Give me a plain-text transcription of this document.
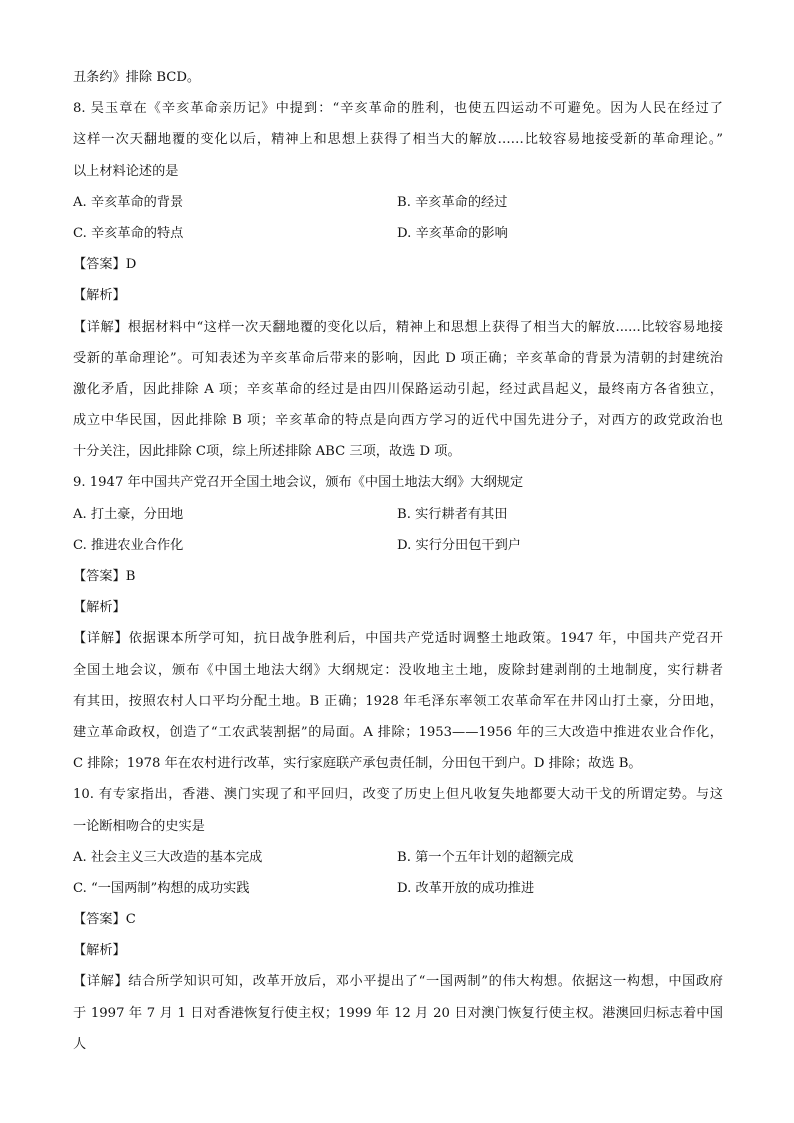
丑条约》排除 BCD。
8. 吴玉章在《辛亥革命亲历记》中提到：“辛亥革命的胜利，也使五四运动不可避免。因为人民在经过了
这样一次天翻地覆的变化以后，精神上和思想上获得了相当大的解放……比较容易地接受新的革命理论。”
以上材料论述的是
A. 辛亥革命的背景	B. 辛亥革命的经过
C. 辛亥革命的特点	D. 辛亥革命的影响
【答案】D
【解析】
【详解】根据材料中“这样一次天翻地覆的变化以后，精神上和思想上获得了相当大的解放......比较容易地接
受新的革命理论”。可知表述为辛亥革命后带来的影响，因此 D 项正确；辛亥革命的背景为清朝的封建统治
激化矛盾，因此排除 A 项；辛亥革命的经过是由四川保路运动引起，经过武昌起义，最终南方各省独立，
成立中华民国，因此排除 B 项；辛亥革命的特点是向西方学习的近代中国先进分子，对西方的政党政治也
十分关注，因此排除 C项，综上所述排除 ABC 三项，故选 D 项。
9. 1947 年中国共产党召开全国土地会议，颁布《中国土地法大纲》大纲规定
A. 打土豪，分田地	B. 实行耕者有其田
C. 推进农业合作化	D. 实行分田包干到户
【答案】B
【解析】
【详解】依据课本所学可知，抗日战争胜利后，中国共产党适时调整土地政策。1947 年，中国共产党召开
全国土地会议，颁布《中国土地法大纲》大纲规定：没收地主土地，废除封建剥削的土地制度，实行耕者
有其田，按照农村人口平均分配土地。B 正确；1928 年毛泽东率领工农革命军在井冈山打土豪，分田地，
建立革命政权，创造了“工农武装割据”的局面。A 排除；1953——1956 年的三大改造中推进农业合作化，
C 排除；1978 年在农村进行改革，实行家庭联产承包责任制，分田包干到户。D 排除；故选 B。
10. 有专家指出，香港、澳门实现了和平回归，改变了历史上但凡收复失地都要大动干戈的所谓定势。与这
一论断相吻合的史实是
A. 社会主义三大改造的基本完成	B. 第一个五年计划的超额完成
C. “一国两制”构想的成功实践	D. 改革开放的成功推进
【答案】C
【解析】
【详解】结合所学知识可知，改革开放后，邓小平提出了“一国两制”的伟大构想。依据这一构想，中国政府
于 1997 年 7 月 1 日对香港恢复行使主权；1999 年 12 月 20 日对澳门恢复行使主权。港澳回归标志着中国人
